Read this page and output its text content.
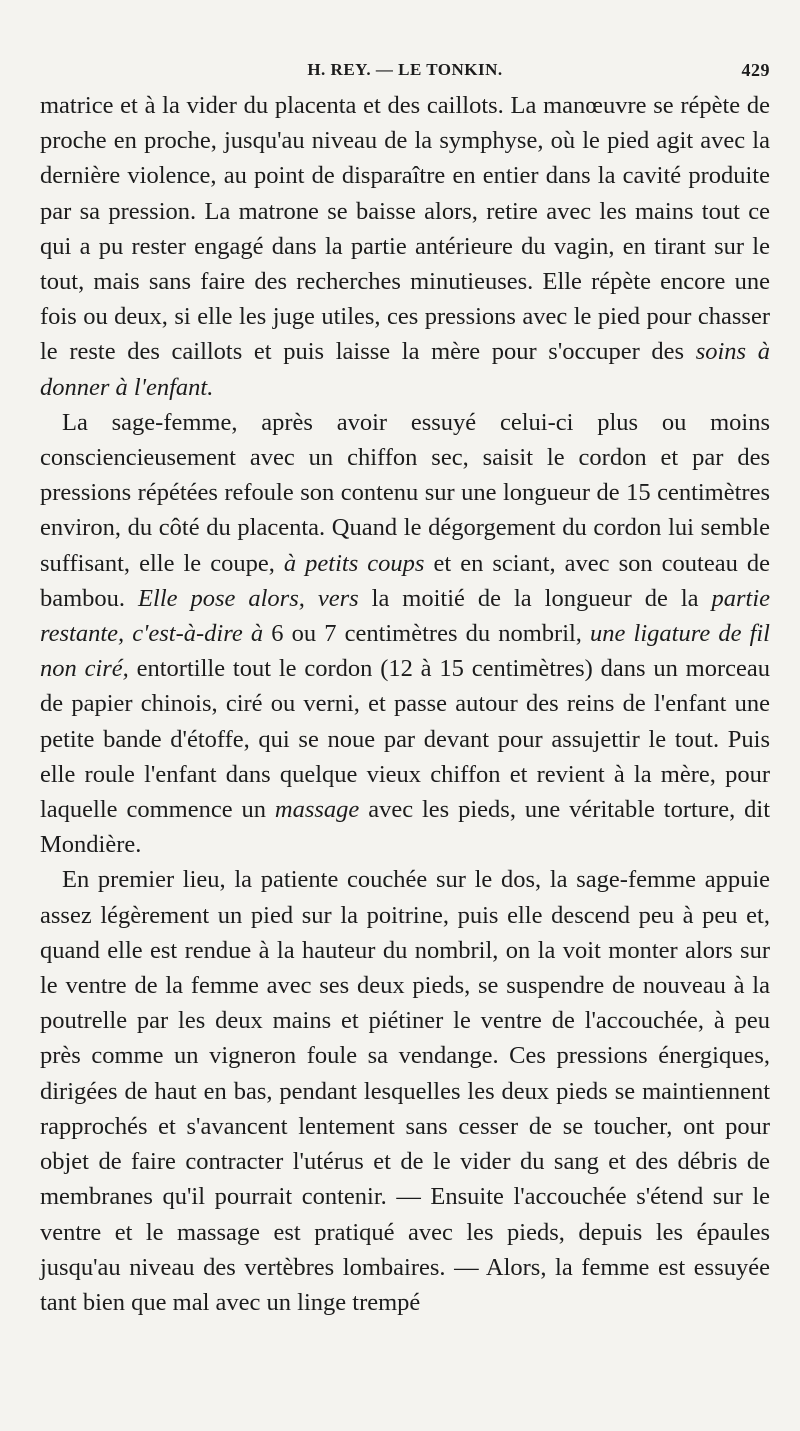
H. REY. — LE TONKIN.	429

matrice et à la vider du placenta et des caillots. La manœuvre se répète de proche en proche, jusqu'au niveau de la symphyse, où le pied agit avec la dernière violence, au point de disparaître en entier dans la cavité produite par sa pression. La matrone se baisse alors, retire avec les mains tout ce qui a pu rester engagé dans la partie antérieure du vagin, en tirant sur le tout, mais sans faire des recherches minutieuses. Elle répète encore une fois ou deux, si elle les juge utiles, ces pressions avec le pied pour chasser le reste des caillots et puis laisse la mère pour s'occuper des soins à donner à l'enfant.

La sage-femme, après avoir essuyé celui-ci plus ou moins consciencieusement avec un chiffon sec, saisit le cordon et par des pressions répétées refoule son contenu sur une longueur de 15 centimètres environ, du côté du placenta. Quand le dégorgement du cordon lui semble suffisant, elle le coupe, à petits coups et en sciant, avec son couteau de bambou. Elle pose alors, vers la moitié de la longueur de la partie restante, c'est-à-dire à 6 ou 7 centimètres du nombril, une ligature de fil non ciré, entortille tout le cordon (12 à 15 centimètres) dans un morceau de papier chinois, ciré ou verni, et passe autour des reins de l'enfant une petite bande d'étoffe, qui se noue par devant pour assujettir le tout. Puis elle roule l'enfant dans quelque vieux chiffon et revient à la mère, pour laquelle commence un massage avec les pieds, une véritable torture, dit Mondière.

En premier lieu, la patiente couchée sur le dos, la sage-femme appuie assez légèrement un pied sur la poitrine, puis elle descend peu à peu et, quand elle est rendue à la hauteur du nombril, on la voit monter alors sur le ventre de la femme avec ses deux pieds, se suspendre de nouveau à la poutrelle par les deux mains et piétiner le ventre de l'accouchée, à peu près comme un vigneron foule sa vendange. Ces pressions énergiques, dirigées de haut en bas, pendant lesquelles les deux pieds se maintiennent rapprochés et s'avancent lentement sans cesser de se toucher, ont pour objet de faire contracter l'utérus et de le vider du sang et des débris de membranes qu'il pourrait contenir. — Ensuite l'accouchée s'étend sur le ventre et le massage est pratiqué avec les pieds, depuis les épaules jusqu'au niveau des vertèbres lombaires. — Alors, la femme est essuyée tant bien que mal avec un linge trempé
